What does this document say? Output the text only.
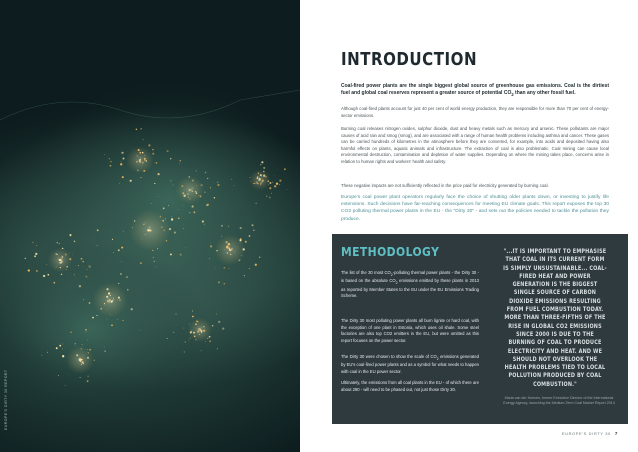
EUROPE'S DIRTY 30 REPORT
INTRODUCTION
Coal-fired power plants are the single biggest global source of greenhouse gas emissions. Coal is the dirtiest fuel and global coal reserves represent a greater source of potential $CO_2$ than any other fossil fuel.
Although coal-fired plants account for just 40 per cent of world energy production, they are responsible for more than 70 per cent of energy-sector emissions.
Burning coal releases nitrogen oxides, sulphur dioxide, dust and heavy metals such as mercury and arsenic. These pollutants are major causes of acid rain and smog (smog), and are associated with a range of human health problems including asthma and cancer. These gases can be carried hundreds of kilometres in the atmosphere before they are converted, for example, into acids and deposited having also harmful effects on plants, aquatic animals and infrastructure. The extraction of coal is also problematic. Coal mining can cause local environmental destruction, contamination and depletion of water supplies. Depending on where the mining takes place, concerns arise in relation to human rights and workers' health and safety.
These negative impacts are not sufficiently reflected in the price paid for electricity generated by burning coal.
Europe's coal power plant operators regularly face the choice of shutting older plants down, or investing to justify life extensions. Such decisions have far-reaching consequences for meeting EU climate goals. This report exposes the top 30 CO2 polluting thermal power plants in the EU - the "Dirty 30" - and sets out the policies needed to tackle the pollution they produce.
METHODOLOGY
The list of the 30 most $CO_2$-polluting thermal power plants - the Dirty 30 - is based on the absolute $CO_2$ emissions emitted by these plants in 2013 as reported by Member States to the EU under the EU Emissions Trading Scheme.
The Dirty 30 most polluting power plants all burn lignite or hard coal, with the exception of one plant in Estonia, which uses oil shale. Some steel factories are also top CO2 emitters in the EU, but were omitted as this report focuses on the power sector.
The Dirty 30 were chosen to show the scale of $CO_2$ emissions generated by EU's coal-fired power plants and as a symbol for what needs to happen with coal in the EU power sector.
Ultimately, the emissions from all coal plants in the EU - of which there are about 280 - will need to be phased out, not just those Dirty 30.
"...IT IS IMPORTANT TO EMPHASISE THAT COAL IN ITS CURRENT FORM IS SIMPLY UNSUSTAINABLE... COAL-FIRED HEAT AND POWER GENERATION IS THE BIGGEST SINGLE SOURCE OF CARBON DIOXIDE EMISSIONS RESULTING FROM FUEL COMBUSTION TODAY. MORE THAN THREE-FIFTHS OF THE RISE IN GLOBAL CO2 EMISSIONS SINCE 2000 IS DUE TO THE BURNING OF COAL TO PRODUCE ELECTRICITY AND HEAT. AND WE SHOULD NOT OVERLOOK THE HEALTH PROBLEMS TIED TO LOCAL POLLUTION PRODUCED BY COAL COMBUSTION."
Maria van der Hoeven, former Executive Director of the International Energy Agency, launching the Medium-Term Coal Market Report 2014
EUROPE'S DIRTY 30 7
